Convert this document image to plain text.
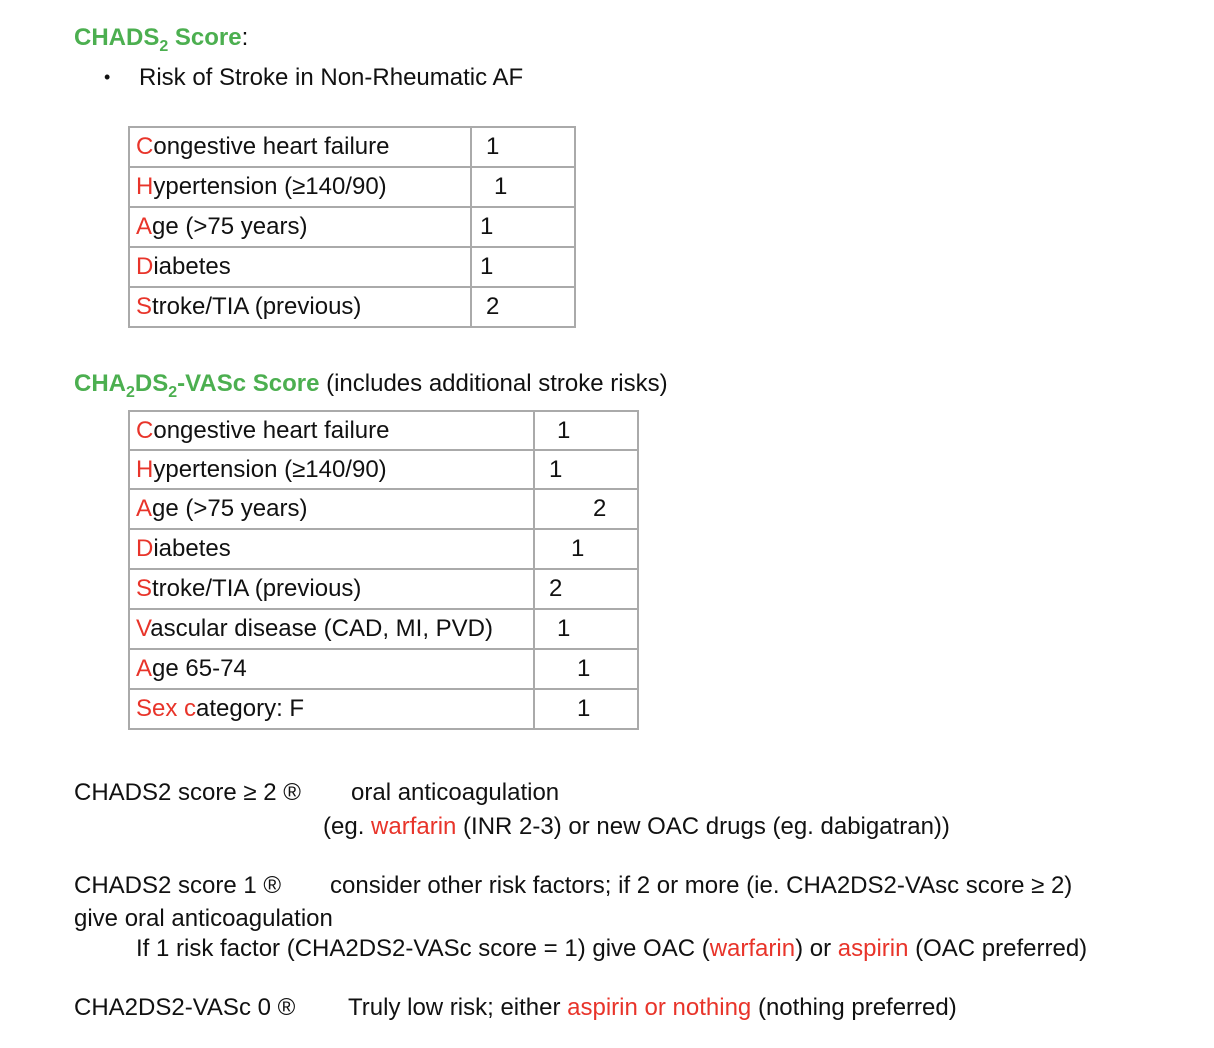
$CHADS_2$ Score:
• Risk of Stroke in Non-Rheumatic AF
Congestive heart failure	1
Hypertension (≥140/90)	1
Age (>75 years)	1
Diabetes	1
Stroke/TIA (previous)	2
$CHA_2DS_2$-VASc Score (includes additional stroke risks)
Congestive heart failure	1
Hypertension (≥140/90)	1
Age (>75 years)	2
Diabetes	1
Stroke/TIA (previous)	2
Vascular disease (CAD, MI, PVD)	1
Age 65-74	1
Sex category: F	1
CHADS2 score ≥ 2 ® oral anticoagulation
(eg. warfarin (INR 2-3) or new OAC drugs (eg. dabigatran))
CHADS2 score 1 ® consider other risk factors; if 2 or more (ie. CHA2DS2-VAsc score ≥ 2)
give oral anticoagulation
If 1 risk factor (CHA2DS2-VASc score = 1) give OAC (warfarin) or aspirin (OAC preferred)
CHA2DS2-VASc 0 ® Truly low risk; either aspirin or nothing (nothing preferred)
